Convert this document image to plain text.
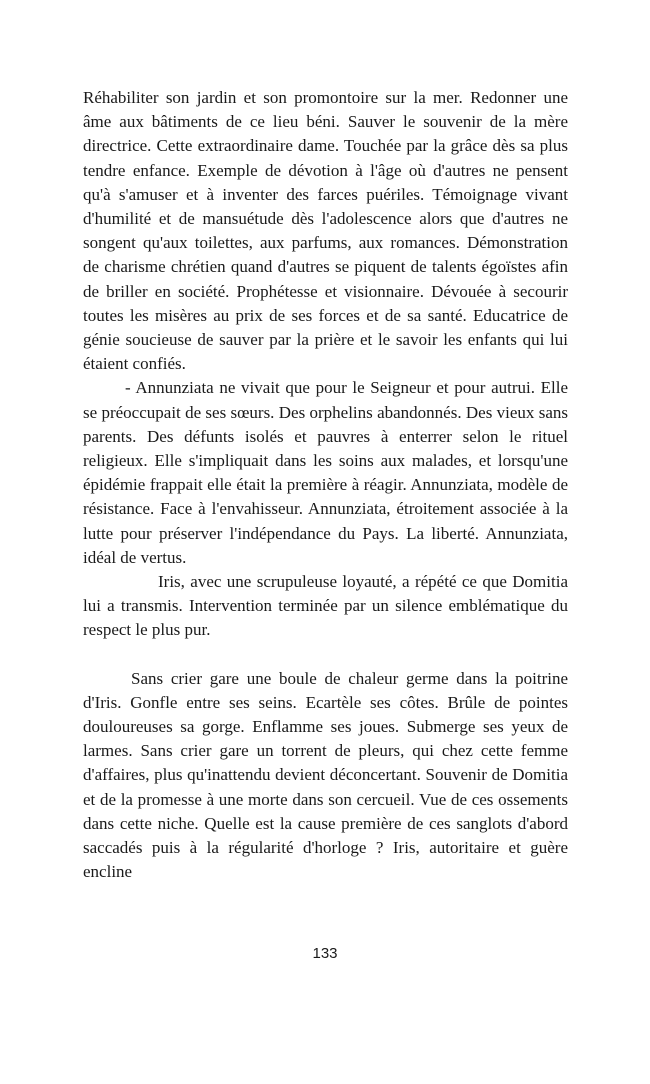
Réhabiliter son jardin et son promontoire sur la mer. Redonner une âme aux bâtiments de ce lieu béni. Sauver le souvenir de la mère directrice. Cette extraordinaire dame. Touchée par la grâce dès sa plus tendre enfance. Exemple de dévotion à l'âge où d'autres ne pensent qu'à s'amuser et à inventer des farces puériles. Témoignage vivant d'humilité et de mansuétude dès l'adolescence alors que d'autres ne songent qu'aux toilettes, aux parfums, aux romances. Démonstration de charisme chrétien quand d'autres se piquent de talents égoïstes afin de briller en société. Prophétesse et visionnaire. Dévouée à secourir toutes les misères au prix de ses forces et de sa santé. Educatrice de génie soucieuse de sauver par la prière et le savoir les enfants qui lui étaient confiés.

- Annunziata ne vivait que pour le Seigneur et pour autrui. Elle se préoccupait de ses sœurs. Des orphelins abandonnés. Des vieux sans parents. Des défunts isolés et pauvres à enterrer selon le rituel religieux. Elle s'impliquait dans les soins aux malades, et lorsqu'une épidémie frappait elle était la première à réagir. Annunziata, modèle de résistance. Face à l'envahisseur. Annunziata, étroitement associée à la lutte pour préserver l'indépendance du Pays. La liberté. Annunziata, idéal de vertus.

Iris, avec une scrupuleuse loyauté, a répété ce que Domitia lui a transmis. Intervention terminée par un silence emblématique du respect le plus pur.

Sans crier gare une boule de chaleur germe dans la poitrine d'Iris. Gonfle entre ses seins. Ecartèle ses côtes. Brûle de pointes douloureuses sa gorge. Enflamme ses joues. Submerge ses yeux de larmes. Sans crier gare un torrent de pleurs, qui chez cette femme d'affaires, plus qu'inattendu devient déconcertant. Souvenir de Domitia et de la promesse à une morte dans son cercueil. Vue de ces ossements dans cette niche. Quelle est la cause première de ces sanglots d'abord saccadés puis à la régularité d'horloge ? Iris, autoritaire et guère encline

133
